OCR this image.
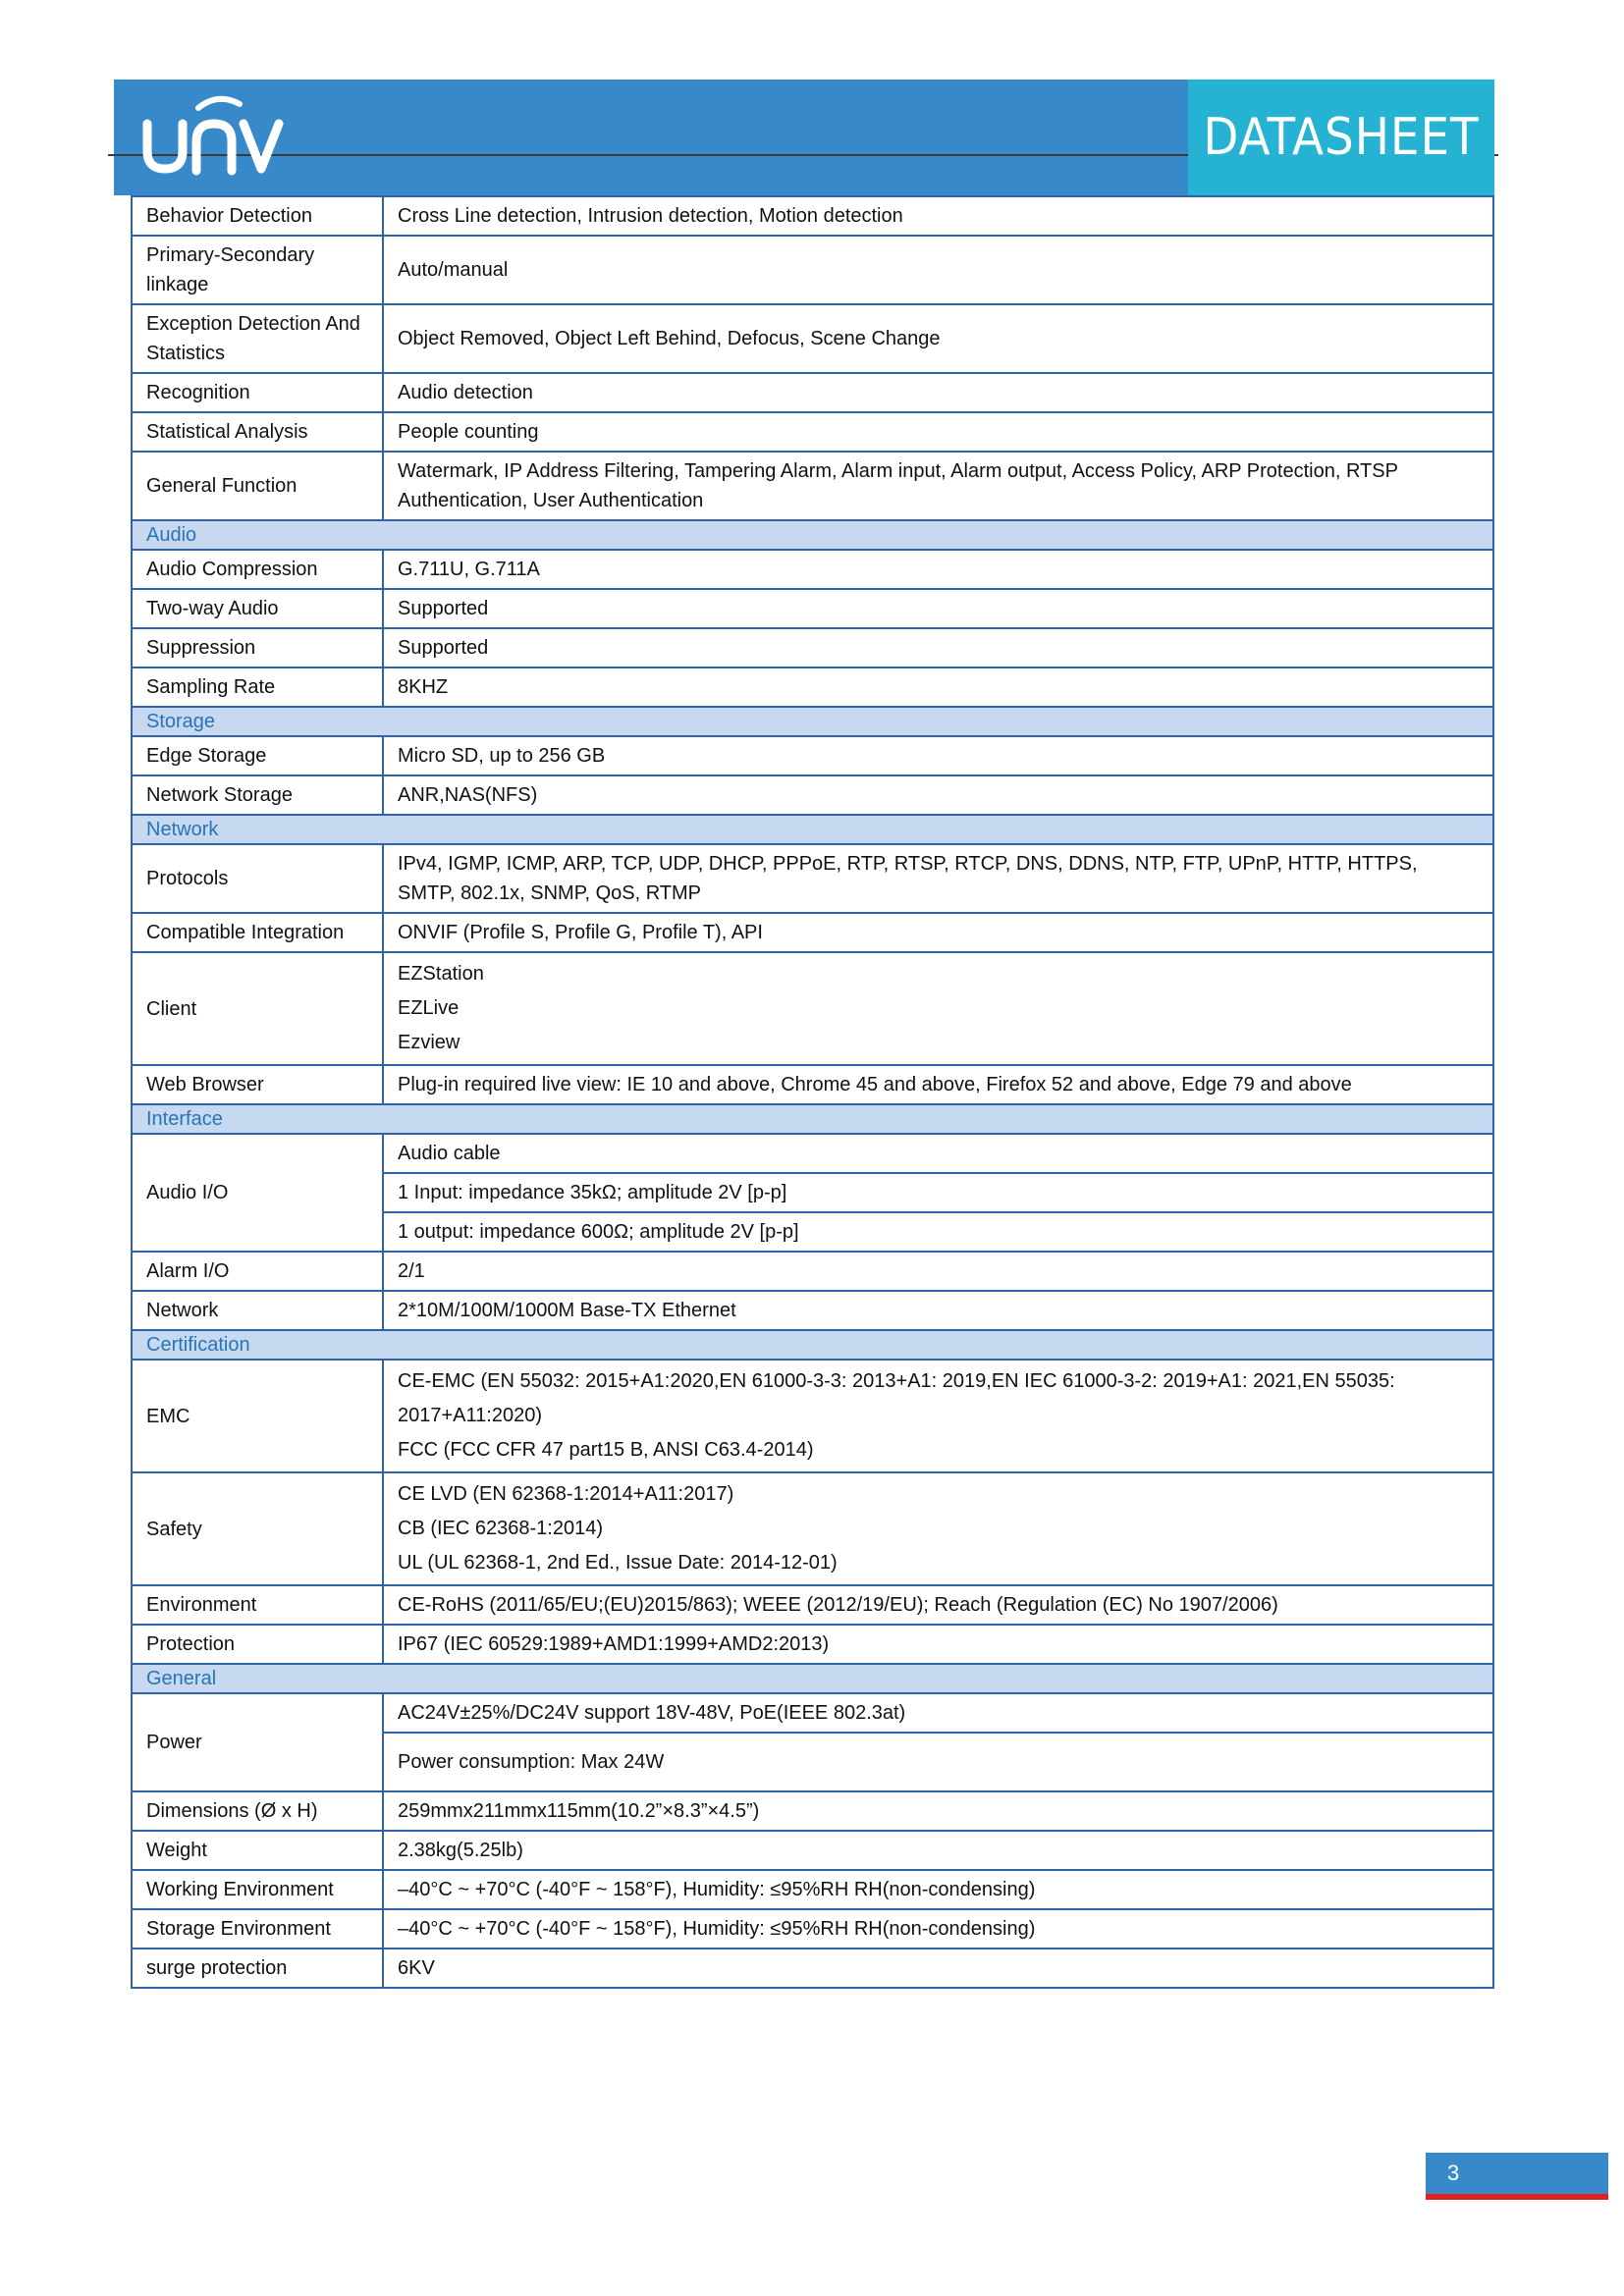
DATASHEET
Behavior Detection	Cross Line detection, Intrusion detection, Motion detection
Primary-Secondary linkage	Auto/manual
Exception Detection And Statistics	Object Removed, Object Left Behind, Defocus, Scene Change
Recognition	Audio detection
Statistical Analysis	People counting
General Function	Watermark, IP Address Filtering, Tampering Alarm, Alarm input, Alarm output, Access Policy, ARP Protection, RTSP Authentication, User Authentication
Audio	
Audio Compression	G.711U, G.711A
Two-way Audio	Supported
Suppression	Supported
Sampling Rate	8KHZ
Storage	
Edge Storage	Micro SD, up to 256 GB
Network Storage	ANR,NAS(NFS)
Network	
Protocols	IPv4, IGMP, ICMP, ARP, TCP, UDP, DHCP, PPPoE, RTP, RTSP, RTCP, DNS, DDNS, NTP, FTP, UPnP, HTTP, HTTPS, SMTP, 802.1x, SNMP, QoS, RTMP
Compatible Integration	ONVIF (Profile S, Profile G, Profile T), API
Client	EZStation
EZLive
Ezview

Web Browser	Plug-in required live view: IE 10 and above, Chrome 45 and above, Firefox 52 and above, Edge 79 and above
Interface	
Audio I/O	Audio cable
	1 Input: impedance 35kΩ; amplitude 2V [p-p]
	1 output: impedance 600Ω; amplitude 2V [p-p]
Alarm I/O	2/1
Network	2*10M/100M/1000M Base-TX Ethernet
Certification	
EMC	CE-EMC (EN 55032: 2015+A1:2020,EN 61000-3-3: 2013+A1: 2019,EN IEC 61000-3-2: 2019+A1: 2021,EN 55035: 2017+A11:2020)
FCC (FCC CFR 47 part15 B, ANSI C63.4-2014)

Safety	CE LVD (EN 62368-1:2014+A11:2017)
CB (IEC 62368-1:2014)
UL (UL 62368-1, 2nd Ed., Issue Date: 2014-12-01)

Environment	CE-RoHS (2011/65/EU;(EU)2015/863); WEEE (2012/19/EU); Reach (Regulation (EC) No 1907/2006)
Protection	IP67 (IEC 60529:1989+AMD1:1999+AMD2:2013)
General	
Power	AC24V±25%/DC24V support 18V-48V, PoE(IEEE 802.3at)
	Power consumption: Max 24W
Dimensions (Ø x H)	259mmx211mmx115mm(10.2”×8.3”×4.5”)
Weight	2.38kg(5.25lb)
Working Environment	–40°C ~ +70°C (-40°F ~ 158°F), Humidity: ≤95%RH RH(non-condensing)
Storage Environment	–40°C ~ +70°C (-40°F ~ 158°F), Humidity: ≤95%RH RH(non-condensing)
surge protection	6KV
3
